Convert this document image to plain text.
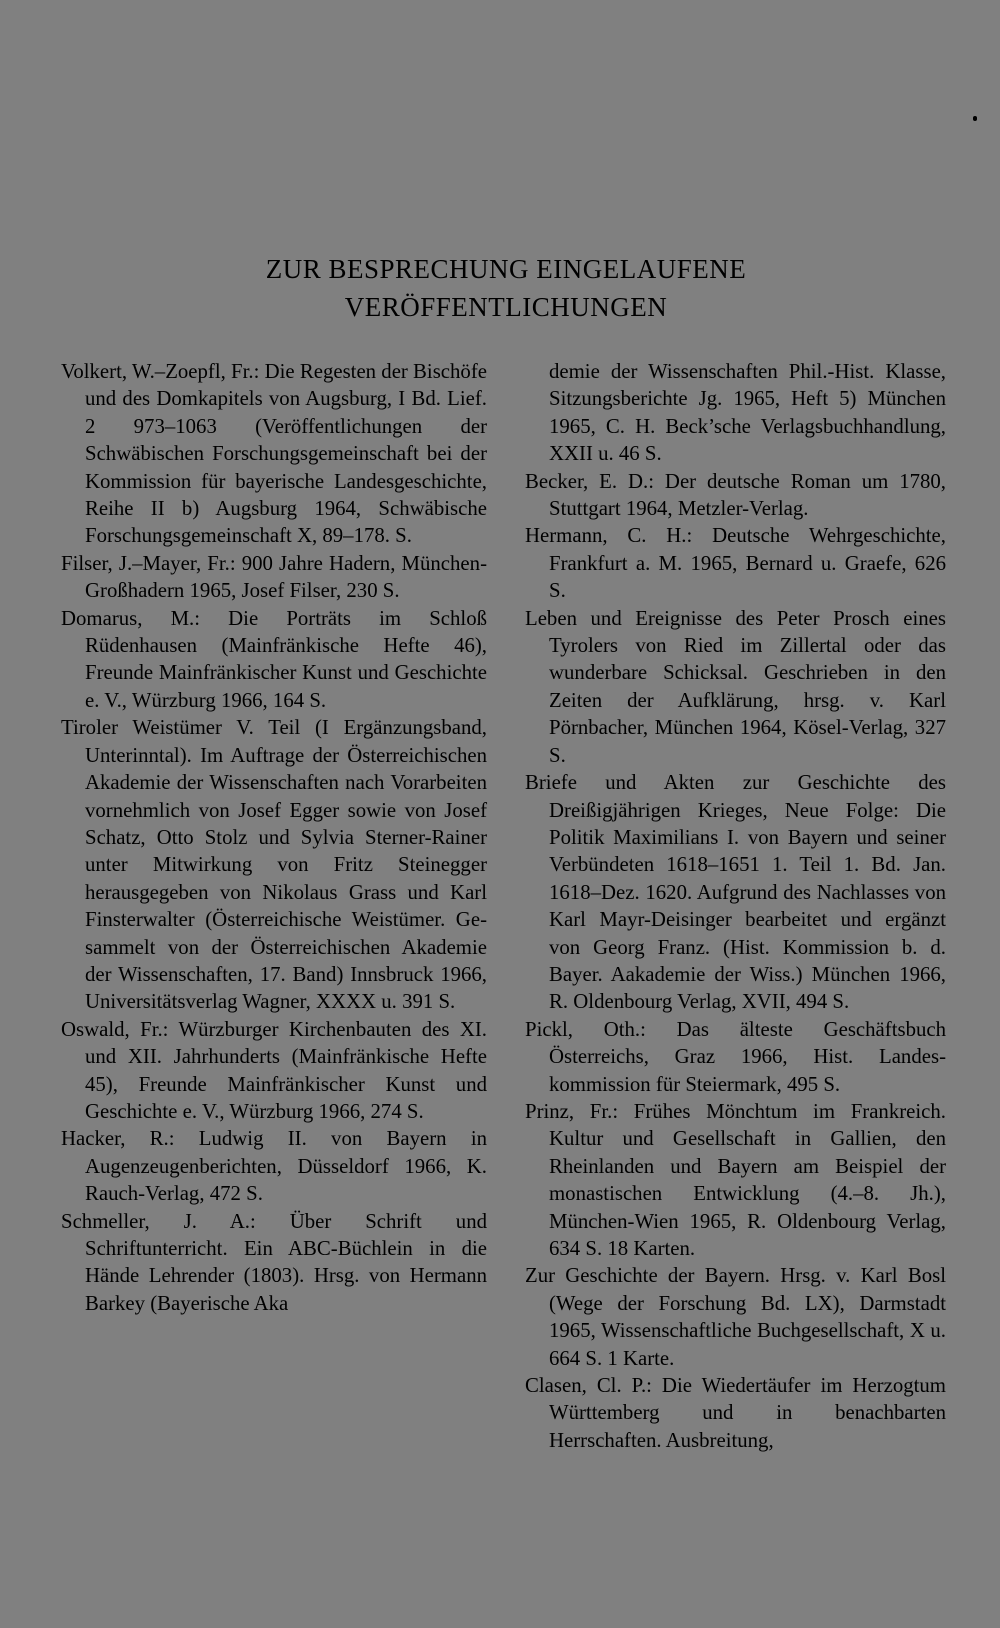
ZUR BESPRECHUNG EINGELAUFENE
VERÖFFENTLICHUNGEN

Volkert, W.–Zoepfl, Fr.: Die Regesten der Bischöfe und des Domkapitels von Augsburg, I Bd. Lief. 2 973–1063 (Veröffentlichungen der Schwäbischen Forschungsgemeinschaft bei der Kommission für bayerische Landesgeschichte, Reihe II b) Augsburg 1964, Schwäbische Forschungsgemeinschaft X, 89–178. S.

Filser, J.–Mayer, Fr.: 900 Jahre Hadern, München-Großhadern 1965, Josef Filser, 230 S.

Domarus, M.: Die Porträts im Schloß Rüdenhausen (Mainfränkische Hefte 46), Freunde Mainfränkischer Kunst und Geschichte e. V., Würzburg 1966, 164 S.

Tiroler Weistümer V. Teil (I Ergänzungsband, Unterinntal). Im Auftrage der Österreichischen Akademie der Wissenschaften nach Vorarbeiten vornehmlich von Josef Egger sowie von Josef Schatz, Otto Stolz und Sylvia Sterner-Rainer unter Mitwirkung von Fritz Steinegger herausgegeben von Nikolaus Grass und Karl Finsterwalter (Österreichische Weistümer. Gesammelt von der Österreichischen Akademie der Wissenschaften, 17. Band) Innsbruck 1966, Universitätsverlag Wagner, XXXX u. 391 S.

Oswald, Fr.: Würzburger Kirchenbauten des XI. und XII. Jahrhunderts (Mainfränkische Hefte 45), Freunde Mainfränkischer Kunst und Geschichte e. V., Würzburg 1966, 274 S.

Hacker, R.: Ludwig II. von Bayern in Augenzeugenberichten, Düsseldorf 1966, K. Rauch-Verlag, 472 S.

Schmeller, J. A.: Über Schrift und Schriftunterricht. Ein ABC-Büchlein in die Hände Lehrender (1803). Hrsg. von Hermann Barkey (Bayerische Aka

demie der Wissenschaften Phil.-Hist. Klasse, Sitzungsberichte Jg. 1965, Heft 5) München 1965, C. H. Beck’sche Verlagsbuchhandlung, XXII u. 46 S.

Becker, E. D.: Der deutsche Roman um 1780, Stuttgart 1964, Metzler-Verlag.

Hermann, C. H.: Deutsche Wehrgeschichte, Frankfurt a. M. 1965, Bernard u. Graefe, 626 S.

Leben und Ereignisse des Peter Prosch eines Tyrolers von Ried im Zillertal oder das wunderbare Schicksal. Geschrieben in den Zeiten der Aufklärung, hrsg. v. Karl Pörnbacher, München 1964, Kösel-Verlag, 327 S.

Briefe und Akten zur Geschichte des Dreißigjährigen Krieges, Neue Folge: Die Politik Maximilians I. von Bayern und seiner Verbündeten 1618–1651 1. Teil 1. Bd. Jan. 1618–Dez. 1620. Aufgrund des Nachlasses von Karl Mayr-Deisinger bearbeitet und ergänzt von Georg Franz. (Hist. Kommission b. d. Bayer. Aakademie der Wiss.) München 1966, R. Oldenbourg Verlag, XVII, 494 S.

Pickl, Oth.: Das älteste Geschäftsbuch Österreichs, Graz 1966, Hist. Landeskommission für Steiermark, 495 S.

Prinz, Fr.: Frühes Mönchtum im Frankreich. Kultur und Gesellschaft in Gallien, den Rheinlanden und Bayern am Beispiel der monastischen Entwicklung (4.–8. Jh.), München-Wien 1965, R. Oldenbourg Verlag, 634 S. 18 Karten.

Zur Geschichte der Bayern. Hrsg. v. Karl Bosl (Wege der Forschung Bd. LX), Darmstadt 1965, Wissenschaftliche Buchgesellschaft, X u. 664 S. 1 Karte.

Clasen, Cl. P.: Die Wiedertäufer im Herzogtum Württemberg und in benachbarten Herrschaften. Ausbreitung,
